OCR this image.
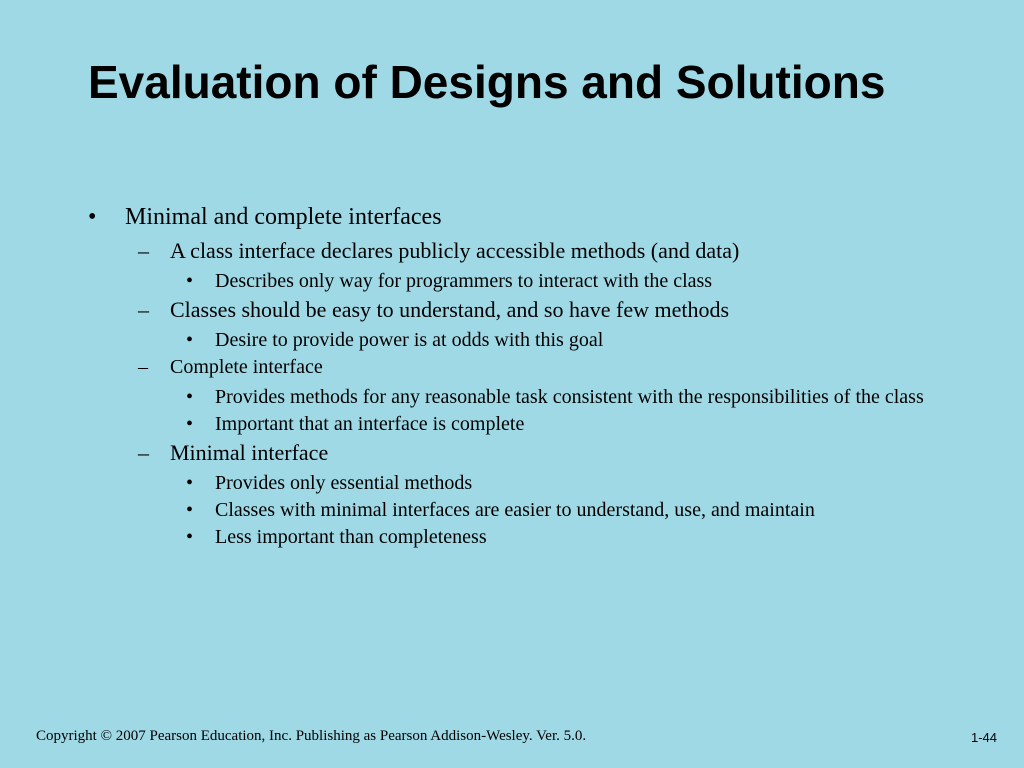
Evaluation of Designs and Solutions
• Minimal and complete interfaces
– A class interface declares publicly accessible methods (and data)
• Describes only way for programmers to interact with the class
– Classes should be easy to understand, and so have few methods
• Desire to provide power is at odds with this goal
– Complete interface
• Provides methods for any reasonable task consistent with the responsibilities of the class
• Important that an interface is complete
– Minimal interface
• Provides only essential methods
• Classes with minimal interfaces are easier to understand, use, and maintain
• Less important than completeness
Copyright © 2007 Pearson Education, Inc. Publishing as Pearson Addison-Wesley. Ver. 5.0.	1-44
